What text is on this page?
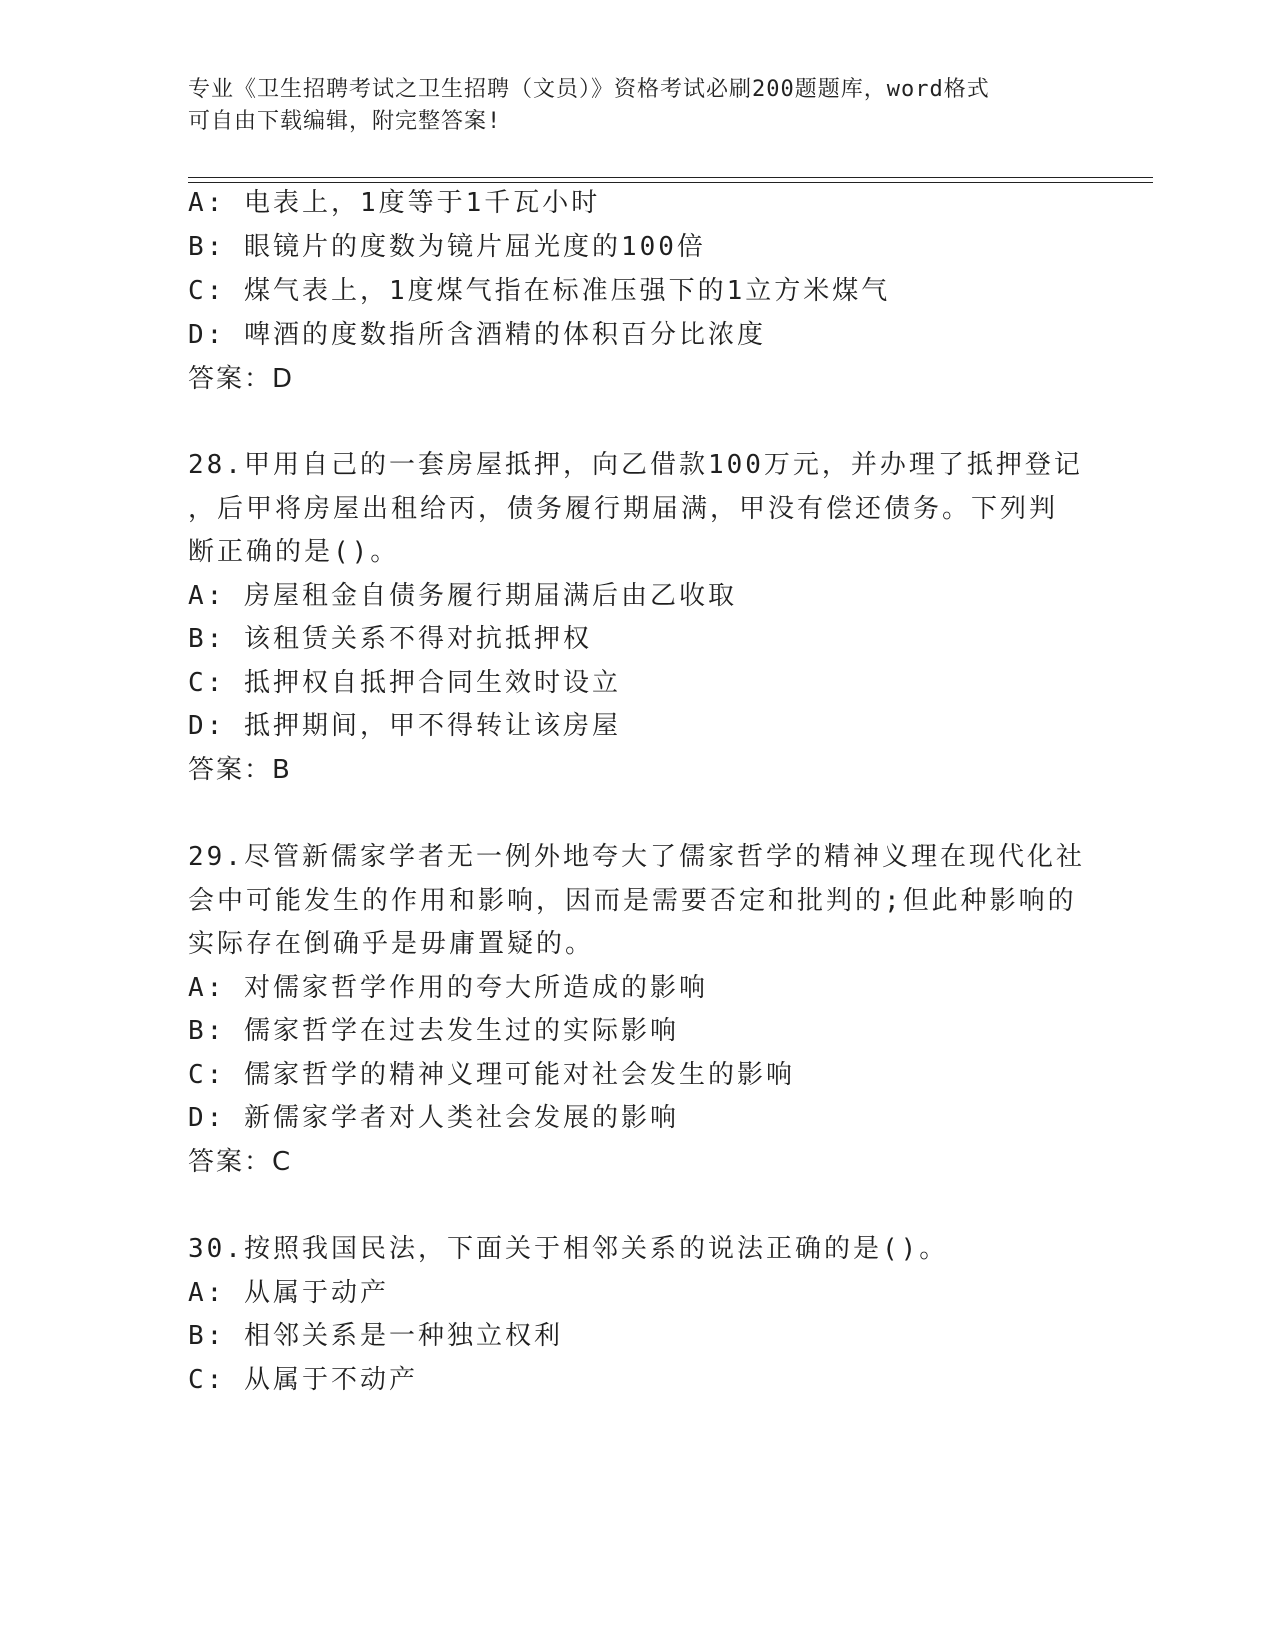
专业《卫生招聘考试之卫生招聘（文员）》资格考试必刷200题题库，word格式
可自由下载编辑，附完整答案!
A: 电表上，1度等于1千瓦小时
B: 眼镜片的度数为镜片屈光度的100倍
C: 煤气表上，1度煤气指在标准压强下的1立方米煤气
D: 啤酒的度数指所含酒精的体积百分比浓度
答案：D
28.甲用自己的一套房屋抵押，向乙借款100万元，并办理了抵押登记
，后甲将房屋出租给丙，债务履行期届满，甲没有偿还债务。下列判
断正确的是()。
A: 房屋租金自债务履行期届满后由乙收取
B: 该租赁关系不得对抗抵押权
C: 抵押权自抵押合同生效时设立
D: 抵押期间，甲不得转让该房屋
答案：B
29.尽管新儒家学者无一例外地夸大了儒家哲学的精神义理在现代化社
会中可能发生的作用和影响，因而是需要否定和批判的;但此种影响的
实际存在倒确乎是毋庸置疑的。
A: 对儒家哲学作用的夸大所造成的影响
B: 儒家哲学在过去发生过的实际影响
C: 儒家哲学的精神义理可能对社会发生的影响
D: 新儒家学者对人类社会发展的影响
答案：C
30.按照我国民法，下面关于相邻关系的说法正确的是()。
A: 从属于动产
B: 相邻关系是一种独立权利
C: 从属于不动产
